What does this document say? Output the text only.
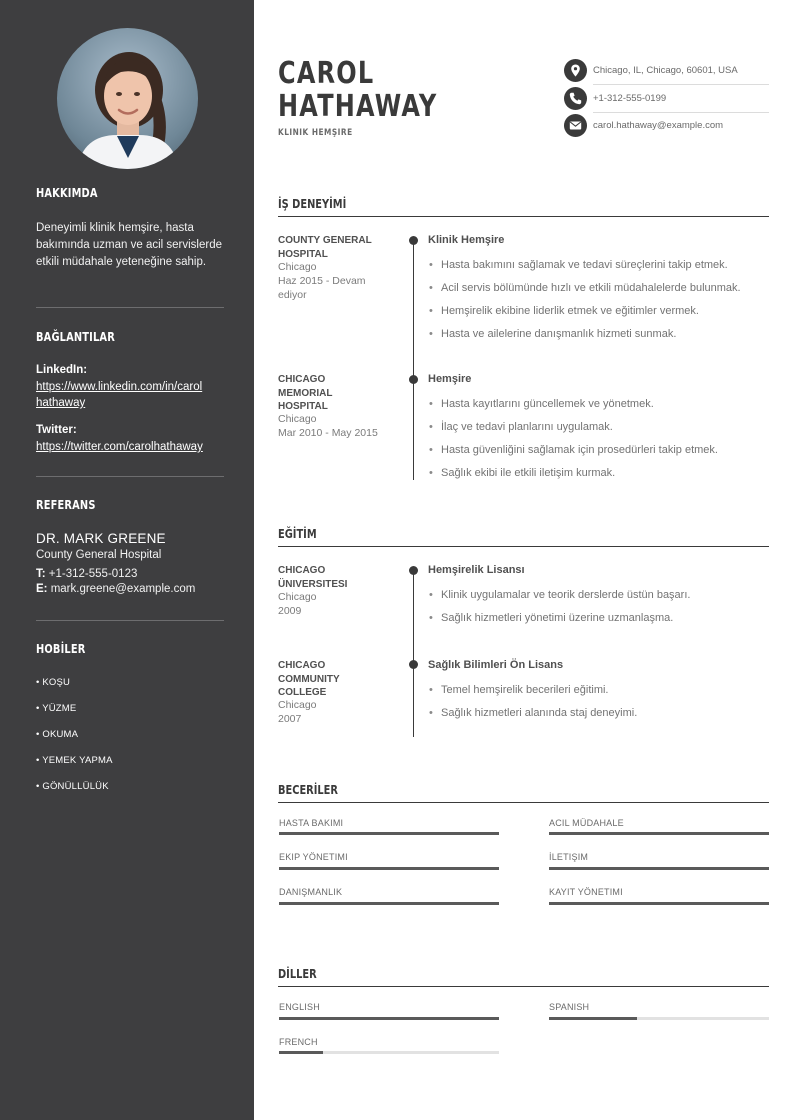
HAKKIMDA
Deneyimli klinik hemşire, hasta bakımında uzman ve acil servislerde etkili müdahale yeteneğine sahip.
BAĞLANTILAR
LinkedIn:
https://www.linkedin.com/in/carol
hathaway
Twitter:
https://twitter.com/carolhathaway
REFERANS
DR. MARK GREENE
County General Hospital
T: +1-312-555-0123
E: mark.greene@example.com
HOBİLER
• KOŞU
• YÜZME
• OKUMA
• YEMEK YAPMA
• GÖNÜLLÜLÜK
CAROL
HATHAWAY
KLINIK HEMŞIRE
Chicago, IL, Chicago, 60601, USA
+1-312-555-0199
carol.hathaway@example.com
İŞ DENEYİMİ
COUNTY GENERAL HOSPITAL
Chicago
Haz 2015 - Devam ediyor
Klinik Hemşire
• Hasta bakımını sağlamak ve tedavi süreçlerini takip etmek.
• Acil servis bölümünde hızlı ve etkili müdahalelerde bulunmak.
• Hemşirelik ekibine liderlik etmek ve eğitimler vermek.
• Hasta ve ailelerine danışmanlık hizmeti sunmak.
CHICAGO MEMORIAL HOSPITAL
Chicago
Mar 2010 - May 2015
Hemşire
• Hasta kayıtlarını güncellemek ve yönetmek.
• İlaç ve tedavi planlarını uygulamak.
• Hasta güvenliğini sağlamak için prosedürleri takip etmek.
• Sağlık ekibi ile etkili iletişim kurmak.
EĞİTİM
CHICAGO ÜNIVERSITESI
Chicago
2009
Hemşirelik Lisansı
• Klinik uygulamalar ve teorik derslerde üstün başarı.
• Sağlık hizmetleri yönetimi üzerine uzmanlaşma.
CHICAGO COMMUNITY COLLEGE
Chicago
2007
Sağlık Bilimleri Ön Lisans
• Temel hemşirelik becerileri eğitimi.
• Sağlık hizmetleri alanında staj deneyimi.
BECERİLER
HASTA BAKIMI	ACIL MÜDAHALE
EKIP YÖNETIMI	İLETIŞIM
DANIŞMANLIK	KAYIT YÖNETIMI
DİLLER
ENGLISH	SPANISH
FRENCH
